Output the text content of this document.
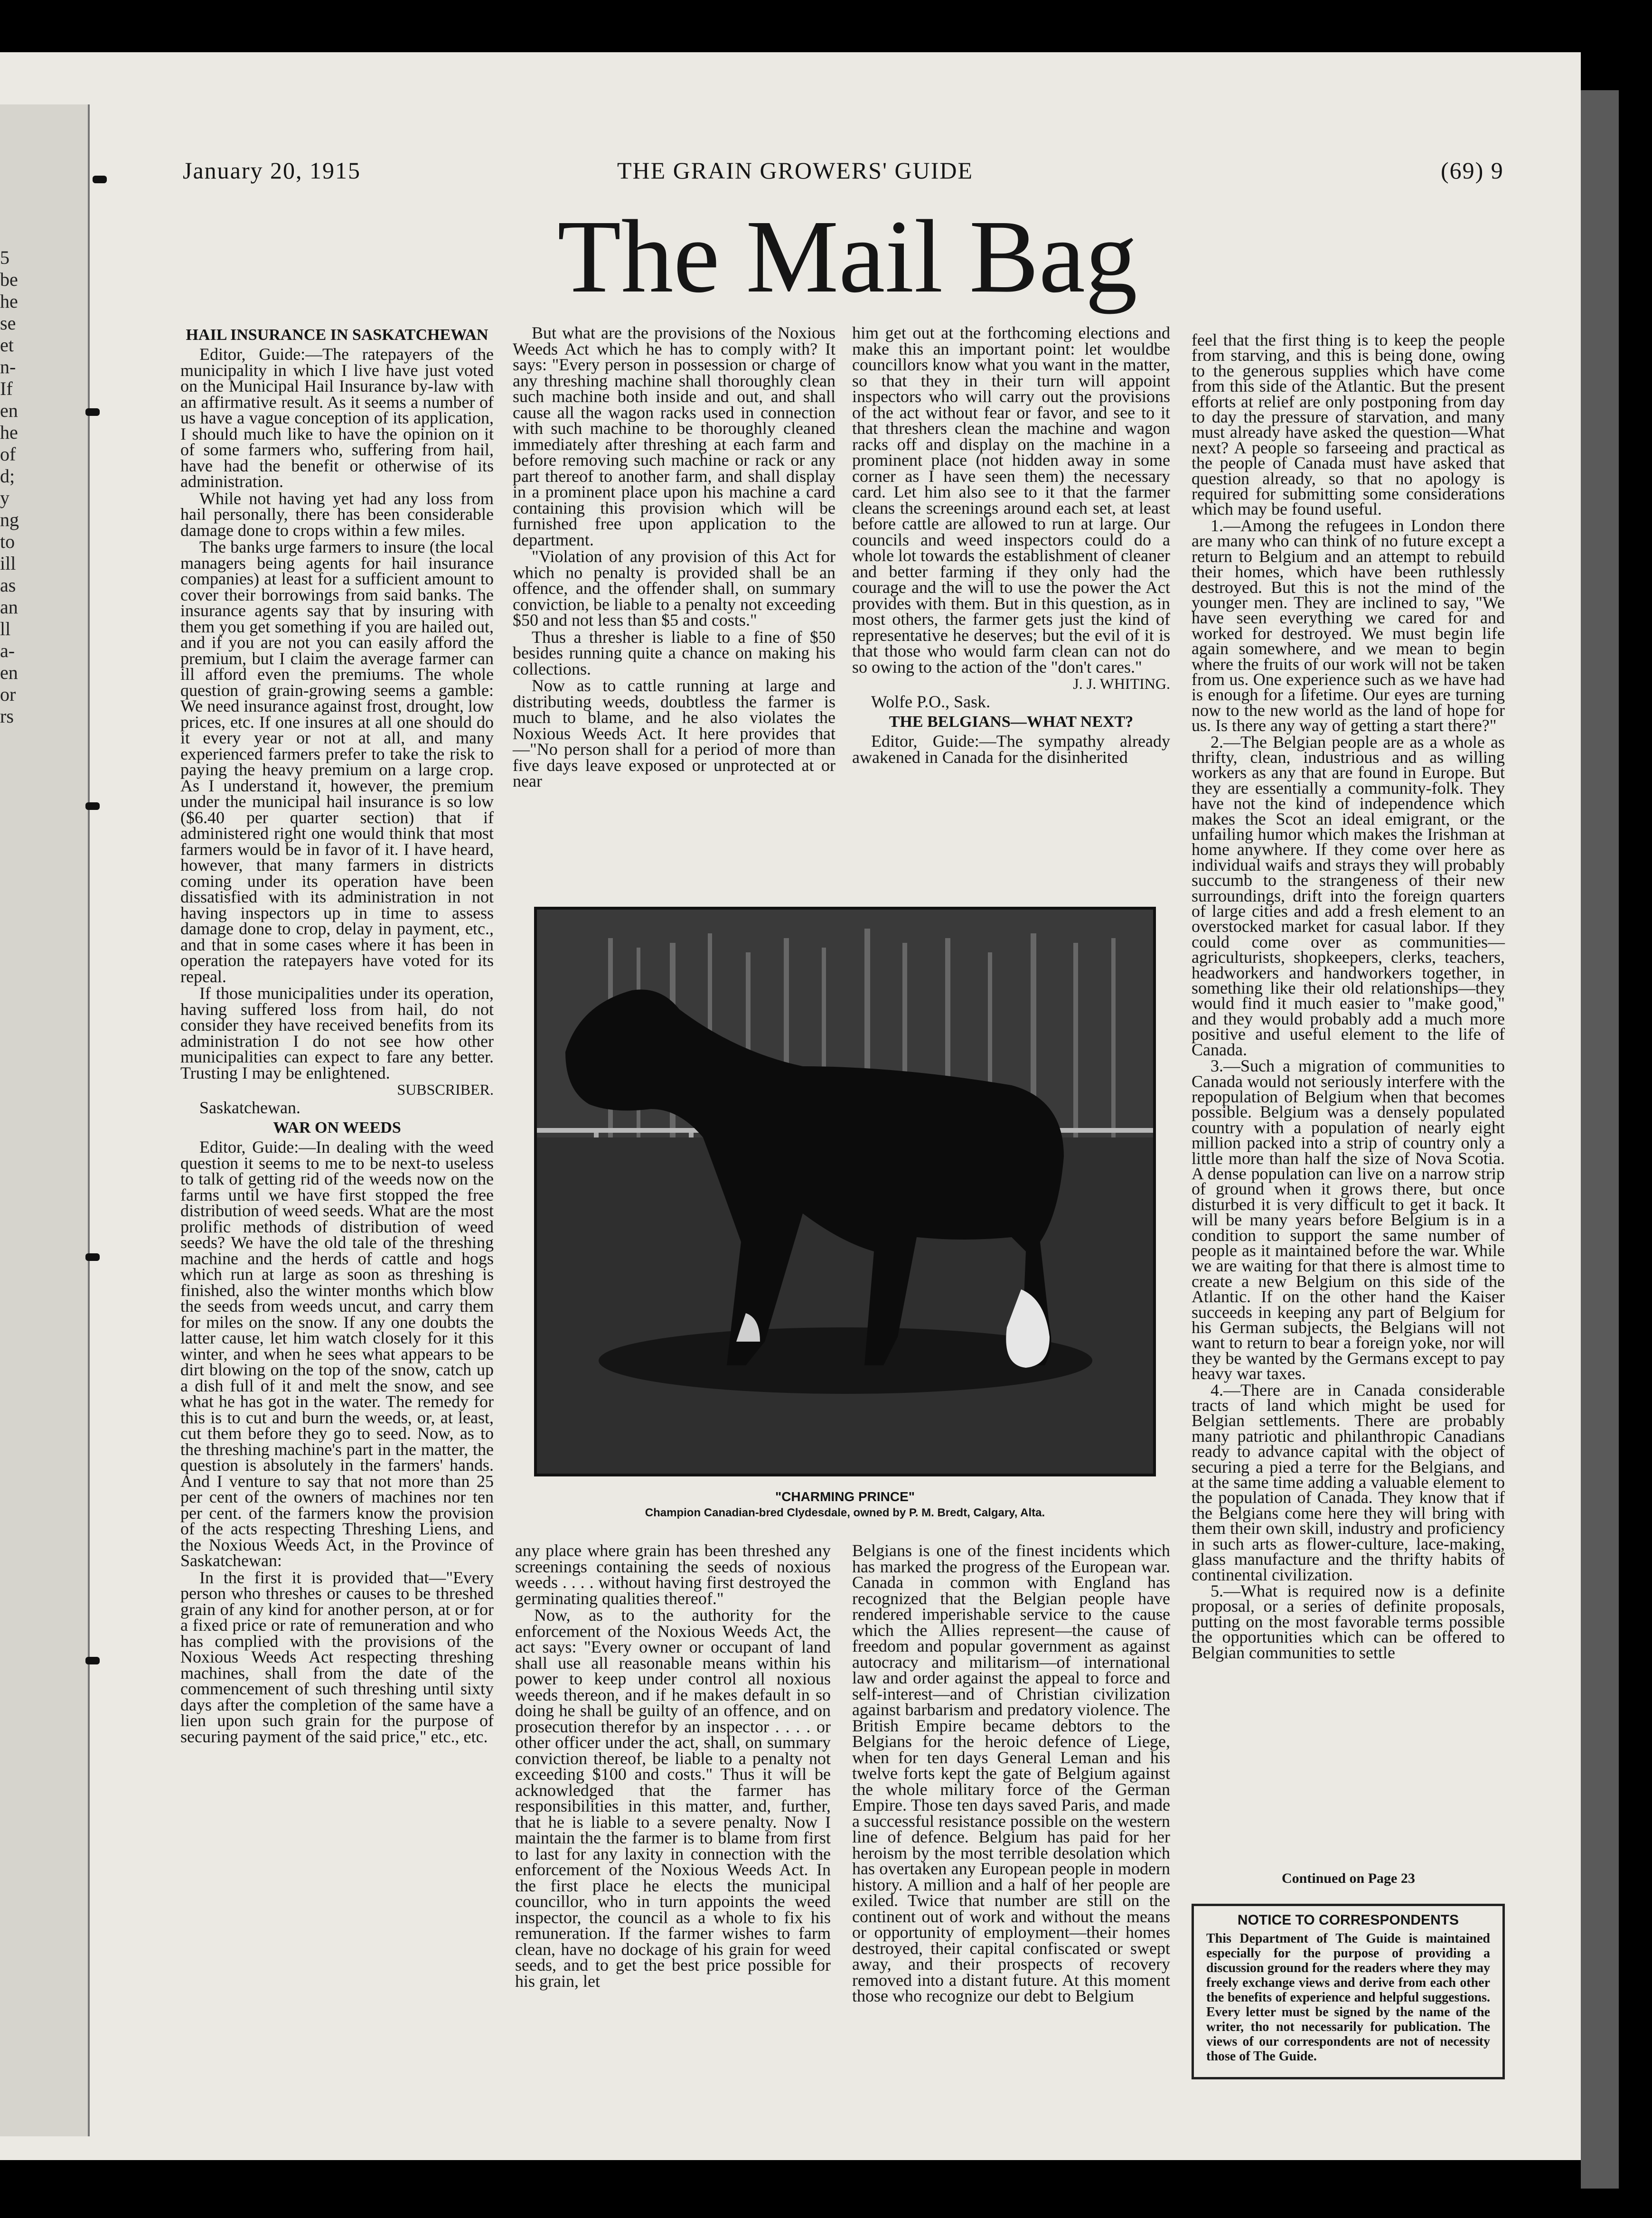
5
be
he
se
et
n-
If
en
he
of
d;
y
ng
to
ill
as
an
ll
a-
en
or
rs
January 20, 1915	THE GRAIN GROWERS' GUIDE	(69) 9
The Mail Bag
HAIL INSURANCE IN SASKATCHEWAN

Editor, Guide:—The ratepayers of the municipality in which I live have just voted on the Municipal Hail Insurance by-law with an affirmative result. As it seems a number of us have a vague conception of its application, I should much like to have the opinion on it of some farmers who, suffering from hail, have had the benefit or otherwise of its administration.

While not having yet had any loss from hail personally, there has been considerable damage done to crops within a few miles.

The banks urge farmers to insure (the local managers being agents for hail insurance companies) at least for a sufficient amount to cover their borrowings from said banks. The insurance agents say that by insuring with them you get something if you are hailed out, and if you are not you can easily afford the premium, but I claim the average farmer can ill afford even the premiums. The whole question of grain-growing seems a gamble: We need insurance against frost, drought, low prices, etc. If one insures at all one should do it every year or not at all, and many experienced farmers prefer to take the risk to paying the heavy premium on a large crop. As I understand it, however, the premium under the municipal hail insurance is so low ($6.40 per quarter section) that if administered right one would think that most farmers would be in favor of it. I have heard, however, that many farmers in districts coming under its operation have been dissatisfied with its administration in not having inspectors up in time to assess damage done to crop, delay in payment, etc., and that in some cases where it has been in operation the ratepayers have voted for its repeal.

If those municipalities under its operation, having suffered loss from hail, do not consider they have received benefits from its administration I do not see how other municipalities can expect to fare any better. Trusting I may be enlightened.

SUBSCRIBER.

Saskatchewan.

WAR ON WEEDS

Editor, Guide:—In dealing with the weed question it seems to me to be next-to useless to talk of getting rid of the weeds now on the farms until we have first stopped the free distribution of weed seeds. What are the most prolific methods of distribution of weed seeds? We have the old tale of the threshing machine and the herds of cattle and hogs which run at large as soon as threshing is finished, also the winter months which blow the seeds from weeds uncut, and carry them for miles on the snow. If any one doubts the latter cause, let him watch closely for it this winter, and when he sees what appears to be dirt blowing on the top of the snow, catch up a dish full of it and melt the snow, and see what he has got in the water. The remedy for this is to cut and burn the weeds, or, at least, cut them before they go to seed. Now, as to the threshing machine's part in the matter, the question is absolutely in the farmers' hands. And I venture to say that not more than 25 per cent of the owners of machines nor ten per cent. of the farmers know the provision of the acts respecting Threshing Liens, and the Noxious Weeds Act, in the Province of Saskatchewan:

In the first it is provided that—"Every person who threshes or causes to be threshed grain of any kind for another person, at or for a fixed price or rate of remuneration and who has complied with the provisions of the Noxious Weeds Act respecting threshing machines, shall from the date of the commencement of such threshing until sixty days after the completion of the same have a lien upon such grain for the purpose of securing payment of the said price," etc., etc.

But what are the provisions of the Noxious Weeds Act which he has to comply with? It says: "Every person in possession or charge of any threshing machine shall thoroughly clean such machine both inside and out, and shall cause all the wagon racks used in connection with such machine to be thoroughly cleaned immediately after threshing at each farm and before removing such machine or rack or any part thereof to another farm, and shall display in a prominent place upon his machine a card containing this provision which will be furnished free upon application to the department.

"Violation of any provision of this Act for which no penalty is provided shall be an offence, and the offender shall, on summary conviction, be liable to a penalty not exceeding $50 and not less than $5 and costs."

Thus a thresher is liable to a fine of $50 besides running quite a chance on making his collections.

Now as to cattle running at large and distributing weeds, doubtless the farmer is much to blame, and he also violates the Noxious Weeds Act. It here provides that—"No person shall for a period of more than five days leave exposed or unprotected at or near

him get out at the forthcoming elections and make this an important point: let wouldbe councillors know what you want in the matter, so that they in their turn will appoint inspectors who will carry out the provisions of the act without fear or favor, and see to it that threshers clean the machine and wagon racks off and display on the machine in a prominent place (not hidden away in some corner as I have seen them) the necessary card. Let him also see to it that the farmer cleans the screenings around each set, at least before cattle are allowed to run at large. Our councils and weed inspectors could do a whole lot towards the establishment of cleaner and better farming if they only had the courage and the will to use the power the Act provides with them. But in this question, as in most others, the farmer gets just the kind of representative he deserves; but the evil of it is that those who would farm clean can not do so owing to the action of the "don't cares."

J. J. WHITING.

Wolfe P.O., Sask.

THE BELGIANS—WHAT NEXT?

Editor, Guide:—The sympathy already awakened in Canada for the disinherited

"CHARMING PRINCE"
Champion Canadian-bred Clydesdale, owned by P. M. Bredt, Calgary, Alta.

any place where grain has been threshed any screenings containing the seeds of noxious weeds . . . . without having first destroyed the germinating qualities thereof."

Now, as to the authority for the enforcement of the Noxious Weeds Act, the act says: "Every owner or occupant of land shall use all reasonable means within his power to keep under control all noxious weeds thereon, and if he makes default in so doing he shall be guilty of an offence, and on prosecution therefor by an inspector . . . . or other officer under the act, shall, on summary conviction thereof, be liable to a penalty not exceeding $100 and costs." Thus it will be acknowledged that the farmer has responsibilities in this matter, and, further, that he is liable to a severe penalty. Now I maintain the the farmer is to blame from first to last for any laxity in connection with the enforcement of the Noxious Weeds Act. In the first place he elects the municipal councillor, who in turn appoints the weed inspector, the council as a whole to fix his remuneration. If the farmer wishes to farm clean, have no dockage of his grain for weed seeds, and to get the best price possible for his grain, let

Belgians is one of the finest incidents which has marked the progress of the European war. Canada in common with England has recognized that the Belgian people have rendered imperishable service to the cause which the Allies represent—the cause of freedom and popular government as against autocracy and militarism—of international law and order against the appeal to force and self-interest—and of Christian civilization against barbarism and predatory violence. The British Empire became debtors to the Belgians for the heroic defence of Liege, when for ten days General Leman and his twelve forts kept the gate of Belgium against the whole military force of the German Empire. Those ten days saved Paris, and made a successful resistance possible on the western line of defence. Belgium has paid for her heroism by the most terrible desolation which has overtaken any European people in modern history. A million and a half of her people are exiled. Twice that number are still on the continent out of work and without the means or opportunity of employment—their homes destroyed, their capital confiscated or swept away, and their prospects of recovery removed into a distant future. At this moment those who recognize our debt to Belgium

feel that the first thing is to keep the people from starving, and this is being done, owing to the generous supplies which have come from this side of the Atlantic. But the present efforts at relief are only postponing from day to day the pressure of starvation, and many must already have asked the question—What next? A people so farseeing and practical as the people of Canada must have asked that question already, so that no apology is required for submitting some considerations which may be found useful.

1.—Among the refugees in London there are many who can think of no future except a return to Belgium and an attempt to rebuild their homes, which have been ruthlessly destroyed. But this is not the mind of the younger men. They are inclined to say, "We have seen everything we cared for and worked for destroyed. We must begin life again somewhere, and we mean to begin where the fruits of our work will not be taken from us. One experience such as we have had is enough for a lifetime. Our eyes are turning now to the new world as the land of hope for us. Is there any way of getting a start there?"

2.—The Belgian people are as a whole as thrifty, clean, industrious and as willing workers as any that are found in Europe. But they are essentially a community-folk. They have not the kind of independence which makes the Scot an ideal emigrant, or the unfailing humor which makes the Irishman at home anywhere. If they come over here as individual waifs and strays they will probably succumb to the strangeness of their new surroundings, drift into the foreign quarters of large cities and add a fresh element to an overstocked market for casual labor. If they could come over as communities—agriculturists, shopkeepers, clerks, teachers, headworkers and handworkers together, in something like their old relationships—they would find it much easier to "make good," and they would probably add a much more positive and useful element to the life of Canada.

3.—Such a migration of communities to Canada would not seriously interfere with the repopulation of Belgium when that becomes possible. Belgium was a densely populated country with a population of nearly eight million packed into a strip of country only a little more than half the size of Nova Scotia. A dense population can live on a narrow strip of ground when it grows there, but once disturbed it is very difficult to get it back. It will be many years before Belgium is in a condition to support the same number of people as it maintained before the war. While we are waiting for that there is almost time to create a new Belgium on this side of the Atlantic. If on the other hand the Kaiser succeeds in keeping any part of Belgium for his German subjects, the Belgians will not want to return to bear a foreign yoke, nor will they be wanted by the Germans except to pay heavy war taxes.

4.—There are in Canada considerable tracts of land which might be used for Belgian settlements. There are probably many patriotic and philanthropic Canadians ready to advance capital with the object of securing a pied a terre for the Belgians, and at the same time adding a valuable element to the population of Canada. They know that if the Belgians come here they will bring with them their own skill, industry and proficiency in such arts as flower-culture, lace-making, glass manufacture and the thrifty habits of continental civilization.

5.—What is required now is a definite proposal, or a series of definite proposals, putting on the most favorable terms possible the opportunities which can be offered to Belgian communities to settle

Continued on Page 23
NOTICE TO CORRESPONDENTS
This Department of The Guide is maintained especially for the purpose of providing a discussion ground for the readers where they may freely exchange views and derive from each other the benefits of experience and helpful suggestions. Every letter must be signed by the name of the writer, tho not necessarily for publication. The views of our correspondents are not of necessity those of The Guide.
